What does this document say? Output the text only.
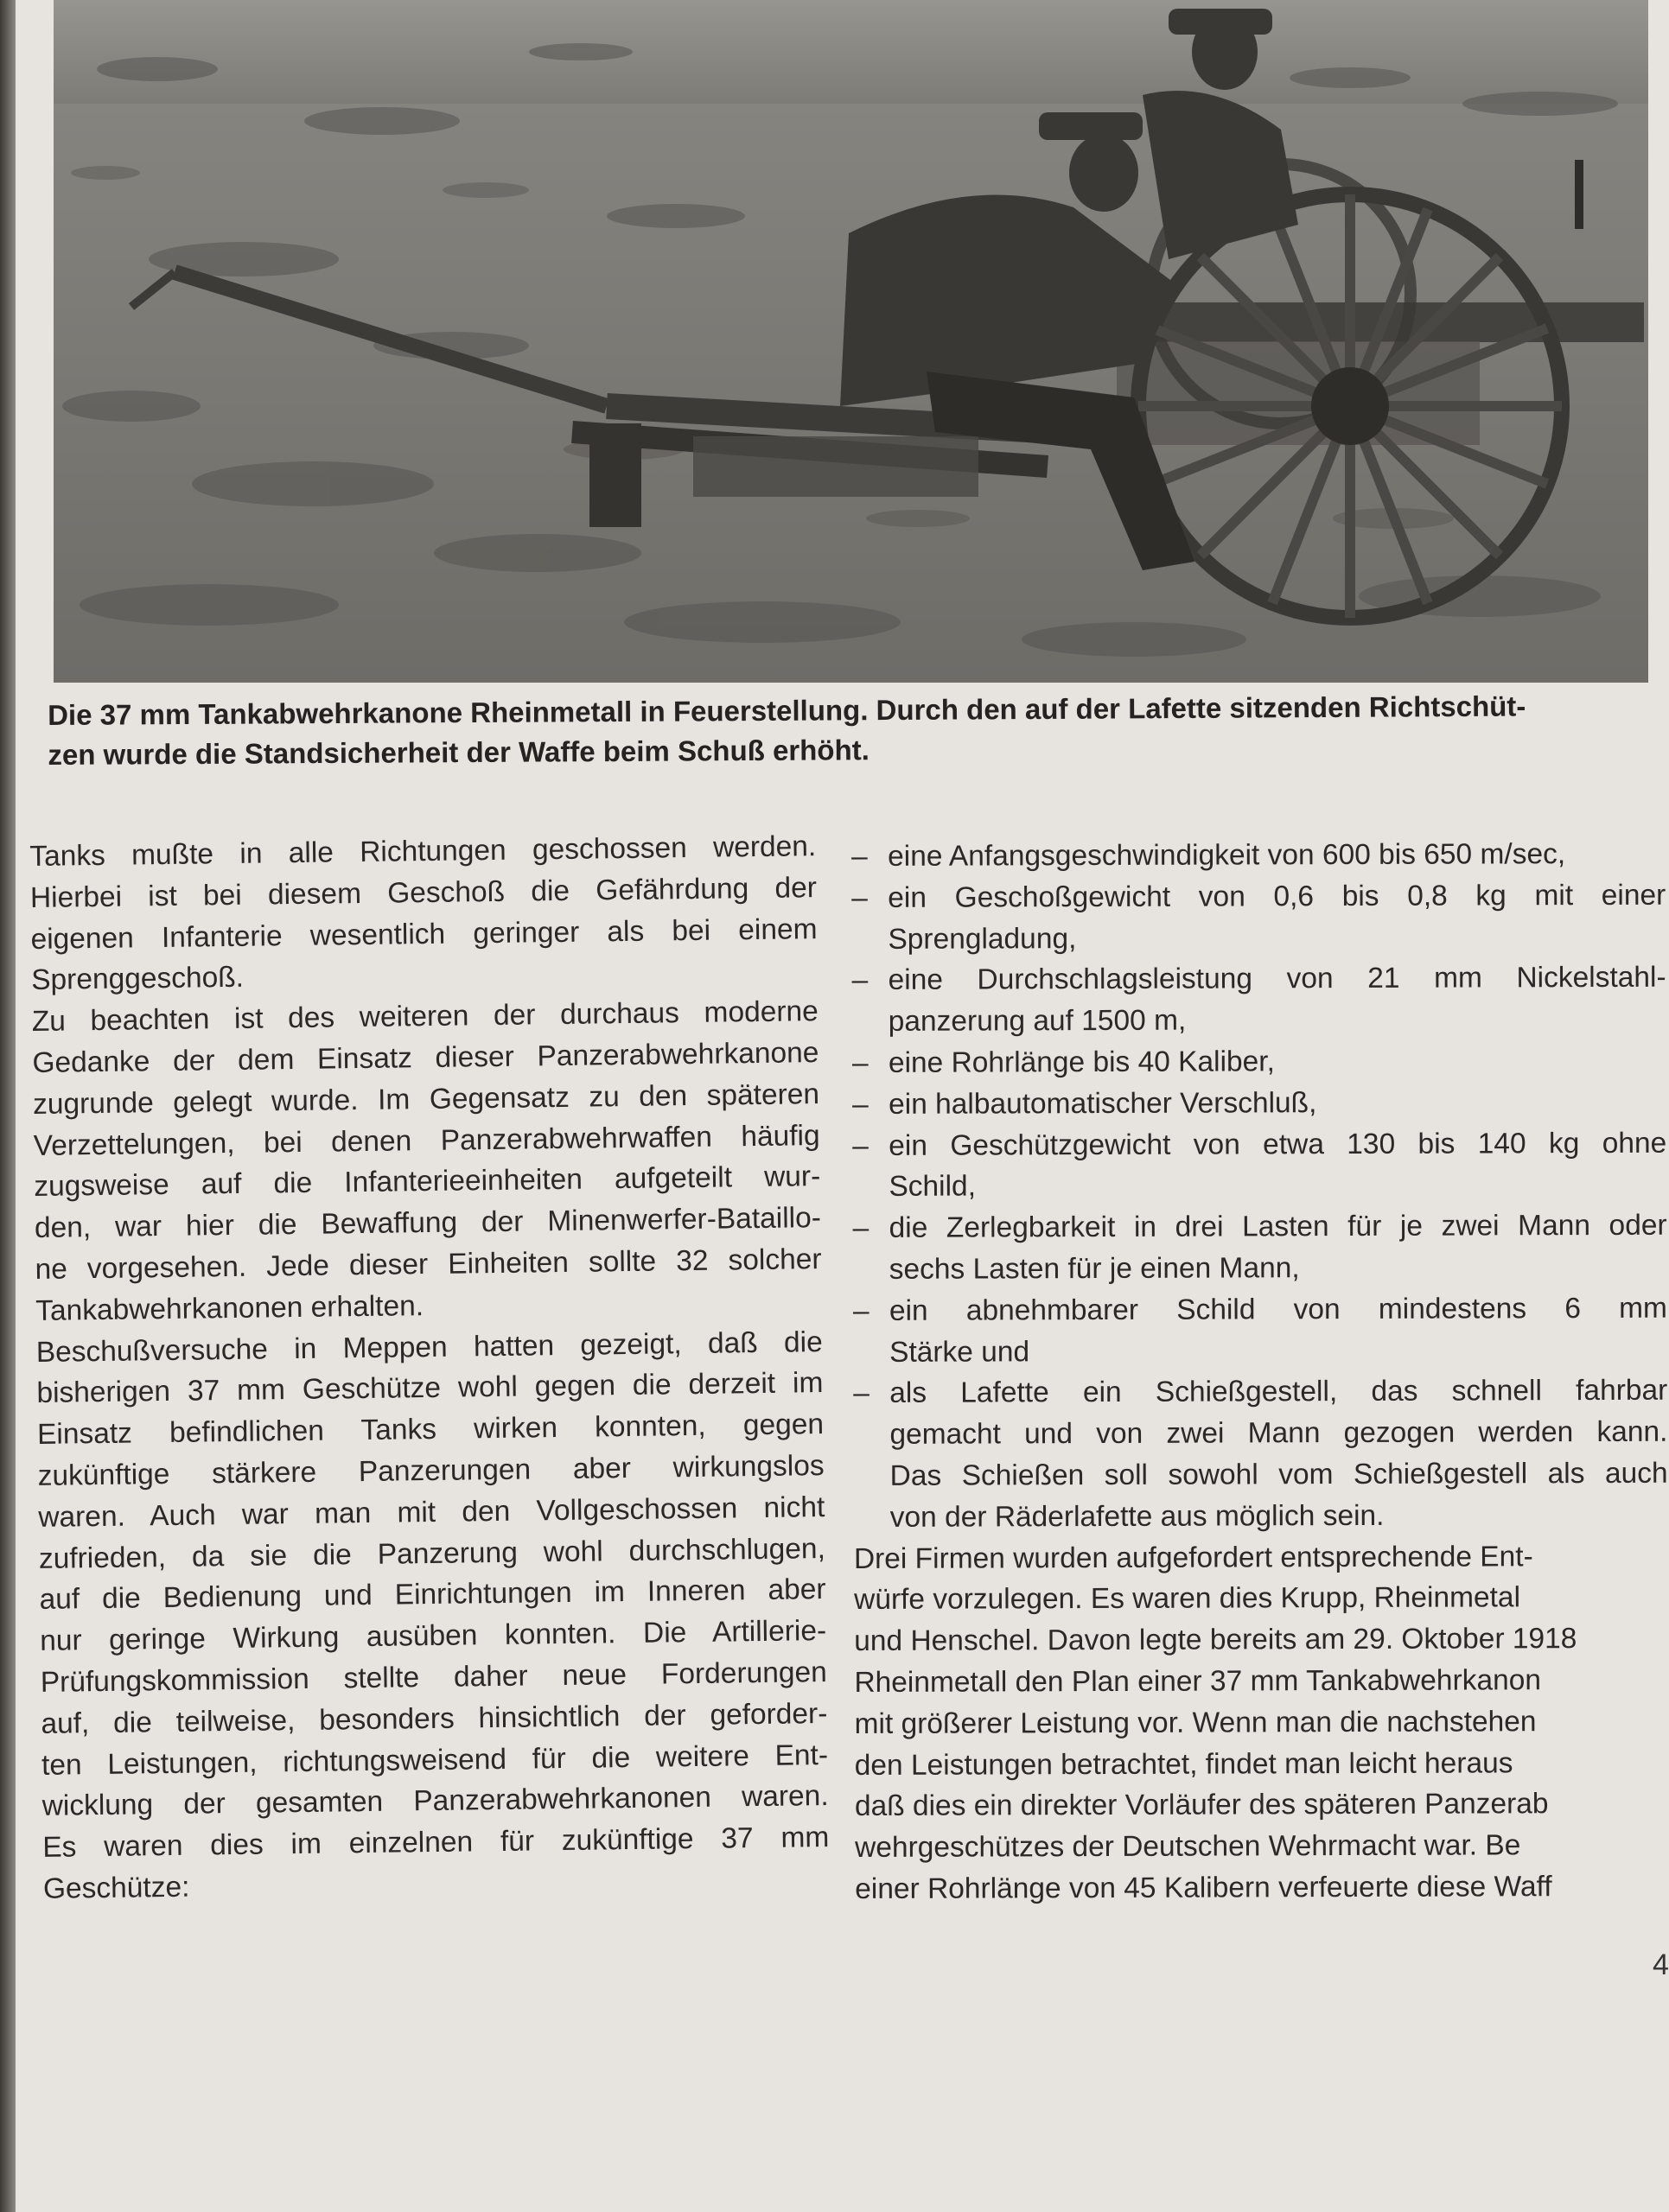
Die 37 mm Tankabwehrkanone Rheinmetall in Feuerstellung. Durch den auf der Lafette sitzenden Richtschüt-
zen wurde die Standsicherheit der Waffe beim Schuß erhöht.
Tanks mußte in alle Richtungen geschossen werden.
Hierbei ist bei diesem Geschoß die Gefährdung der
eigenen Infanterie wesentlich geringer als bei einem
Sprenggeschoß.
Zu beachten ist des weiteren der durchaus moderne
Gedanke der dem Einsatz dieser Panzerabwehrkanone
zugrunde gelegt wurde. Im Gegensatz zu den späteren
Verzettelungen, bei denen Panzerabwehrwaffen häufig
zugsweise auf die Infanterieeinheiten aufgeteilt wur-
den, war hier die Bewaffung der Minenwerfer-Bataillo-
ne vorgesehen. Jede dieser Einheiten sollte 32 solcher
Tankabwehrkanonen erhalten.
Beschußversuche in Meppen hatten gezeigt, daß die
bisherigen 37 mm Geschütze wohl gegen die derzeit im
Einsatz befindlichen Tanks wirken konnten, gegen
zukünftige stärkere Panzerungen aber wirkungslos
waren. Auch war man mit den Vollgeschossen nicht
zufrieden, da sie die Panzerung wohl durchschlugen,
auf die Bedienung und Einrichtungen im Inneren aber
nur geringe Wirkung ausüben konnten. Die Artillerie-
Prüfungskommission stellte daher neue Forderungen
auf, die teilweise, besonders hinsichtlich der geforder-
ten Leistungen, richtungsweisend für die weitere Ent-
wicklung der gesamten Panzerabwehrkanonen waren.
Es waren dies im einzelnen für zukünftige 37 mm
Geschütze:
– eine Anfangsgeschwindigkeit von 600 bis 650 m/sec,
– ein Geschoßgewicht von 0,6 bis 0,8 kg mit einer
Sprengladung,
– eine Durchschlagsleistung von 21 mm Nickelstahl-
panzerung auf 1500 m,
– eine Rohrlänge bis 40 Kaliber,
– ein halbautomatischer Verschluß,
– ein Geschützgewicht von etwa 130 bis 140 kg ohne
Schild,
– die Zerlegbarkeit in drei Lasten für je zwei Mann oder
sechs Lasten für je einen Mann,
– ein abnehmbarer Schild von mindestens 6 mm
Stärke und
– als Lafette ein Schießgestell, das schnell fahrbar
gemacht und von zwei Mann gezogen werden kann.
Das Schießen soll sowohl vom Schießgestell als auch
von der Räderlafette aus möglich sein.
Drei Firmen wurden aufgefordert entsprechende Ent-
würfe vorzulegen. Es waren dies Krupp, Rheinmetal
und Henschel. Davon legte bereits am 29. Oktober 1918
Rheinmetall den Plan einer 37 mm Tankabwehrkanon
mit größerer Leistung vor. Wenn man die nachstehen
den Leistungen betrachtet, findet man leicht heraus
daß dies ein direkter Vorläufer des späteren Panzerab
wehrgeschützes der Deutschen Wehrmacht war. Be
einer Rohrlänge von 45 Kalibern verfeuerte diese Waff
4
